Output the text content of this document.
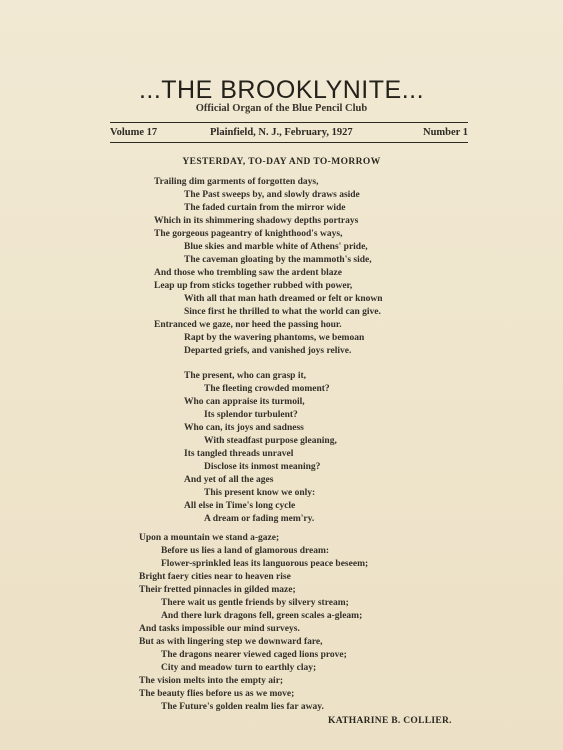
...THE BROOKLYNITE...
Official Organ of the Blue Pencil Club
Volume 17	Plainfield, N. J., February, 1927	Number 1
YESTERDAY, TO-DAY AND TO-MORROW
Trailing dim garments of forgotten days,
The Past sweeps by, and slowly draws aside
The faded curtain from the mirror wide
Which in its shimmering shadowy depths portrays
The gorgeous pageantry of knighthood's ways,
Blue skies and marble white of Athens' pride,
The caveman gloating by the mammoth's side,
And those who trembling saw the ardent blaze
Leap up from sticks together rubbed with power,
With all that man hath dreamed or felt or known
Since first he thrilled to what the world can give.
Entranced we gaze, nor heed the passing hour.
Rapt by the wavering phantoms, we bemoan
Departed griefs, and vanished joys relive.
The present, who can grasp it,
The fleeting crowded moment?
Who can appraise its turmoil,
Its splendor turbulent?
Who can, its joys and sadness
With steadfast purpose gleaning,
Its tangled threads unravel
Disclose its inmost meaning?
And yet of all the ages
This present know we only:
All else in Time's long cycle
A dream or fading mem'ry.
Upon a mountain we stand a-gaze;
Before us lies a land of glamorous dream:
Flower-sprinkled leas its languorous peace beseem;
Bright faery cities near to heaven rise
Their fretted pinnacles in gilded maze;
There wait us gentle friends by silvery stream;
And there lurk dragons fell, green scales a-gleam;
And tasks impossible our mind surveys.
But as with lingering step we downward fare,
The dragons nearer viewed caged lions prove;
City and meadow turn to earthly clay;
The vision melts into the empty air;
The beauty flies before us as we move;
The Future's golden realm lies far away.
KATHARINE B. COLLIER.
